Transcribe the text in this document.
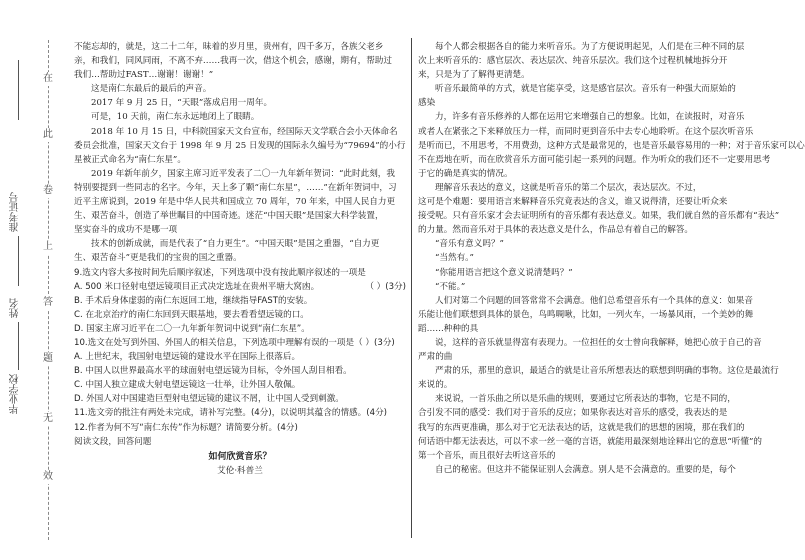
在
此
卷
上
答
题
无
效
准考证号
姓名
毕业学校

不能忘却的，就是，这二十二年，昧着的岁月里，贵州有，四千多万，各族父老乡

亲，和我们，同风同雨，不离不弃……我再一次，借这个机会，感谢，期有，帮助过

我们…帮助过FAST…谢谢！谢谢！”

这是南仁东最后的最后的声音。

2017 年 9 月 25 日，“天眼”落成启用一周年。

可是，10 天前，南仁东永远地闭上了眼睛。

2018 年 10 月 15 日，中科院国家天文台宣布，经国际天文学联合会小天体命名

委员会批准，国家天文台于 1998 年 9 月 25 日发现的国际永久编号为“79694”的小行

星被正式命名为“南仁东星”。

2019 年新年前夕，国家主席习近平发表了二〇一九年新年贺词：“此时此刻，我

特别要提到一些同志的名字。今年，天上多了颗“南仁东星”，……”在新年贺词中，习

近平主席说到，2019 年是中华人民共和国成立 70 周年，70 年来，中国人民自力更

生、艰苦奋斗，创造了举世瞩目的中国奇迹。迷茫“中国天眼”是国家大科学装置，

坚实奋斗的成功不是哪一项

技术的创新成就，而是代表了“自力更生”。“中国天眼”是国之重器，“自力更

生、艰苦奋斗”更是我们的宝贵的国之重器。

9.选文内容大多按时间先后顺序叙述，下列选项中没有按此顺序叙述的一项是

（ ）(3分)

A. 500 米口径射电望远镜项目正式决定选址在贵州平塘大窝凼。

B. 手术后身体虚弱的南仁东返回工地，继续指导FAST的安装。

C. 在北京治疗的南仁东回到天眼基地，要去看看望远镜的口。

D. 国家主席习近平在二〇一九年新年贺词中说到“南仁东星”。

10.选文在处写到外国、外国人的相关信息，下列选项中理解有误的一项是（ ）(3分)

A. 上世纪末，我国射电望远镜的建设水平在国际上很落后。

B. 中国人以世界最高水平的球面射电望远镜为目标，令外国人刮目相看。

C. 中国人独立建成大射电望远镜这一壮举，让外国人敬佩。

D. 外国人对中国建造巨型射电望远镜的建议不屑，让中国人受到刺激。

11.选文旁的批注有两处未完成，请补写完整。(4分)，以说明其蕴含的情感。(4分)

12.作者为何不写“南仁东传”作为标题？请简要分析。(4分)

阅读文段，回答问题

如何欣赏音乐？

艾伦·科普兰

每个人都会根据各自的能力来听音乐。为了方便说明起见，人们是在三种不同的层

次上来听音乐的：感官层次、表达层次、纯音乐层次。我们这个过程机械地拆分开

来，只是为了了解得更清楚。

听音乐最简单的方式，就是官能享受，这是感官层次。音乐有一种强大而原始的

感染

力，许多有音乐修养的人都在运用它来增强自己的想象。比如，在读报时，对音乐

或者人在紧张之下来释放压力一样，而同时更到音乐中去专心地聆听。在这个层次听音乐

是听而已，不用思考，不用费劲，这种方式是最常见的，也是音乐最容易用的一种；对于音乐家可以心

不在焉地在听，而在欣赏音乐方面可能引起一系列的问题。作为听众的我们还不一定要用思考

于它的确是真实的情况。

理解音乐表达的意义，这就是听音乐的第二个层次，表达层次。不过，

这可是个难题：要用语言来解释音乐究竟表达的含义，谁又说得清，还要让听众来

接受呢。只有音乐家才会去证明所有的音乐都有表达意义。如果，我们就自然的音乐都有“表达”

的力量。然而音乐对于具体的表达意义是什么，作品总有着自己的解答。

“音乐有意义吗？”

“当然有。”

“你能用语言把这个意义说清楚吗？”

“不能。”

人们对第二个问题的回答常常不会满意。他们总希望音乐有一个具体的意义：如果音

乐能让他们联想到具体的景色，鸟鸣啁啾，比如，一列火车，一场暴风雨，一个美妙的舞

蹈……种种的具

说，这样的音乐就显得富有表现力。一位担任的女士曾向我解释，她把心放于自己的音

严肃的曲

严肃的乐，那里的意识，最适合的就是让音乐所想表达的联想到明确的事物。这位是最流行

来说的。

来说说，一首乐曲之所以是乐曲的规则，要通过它所表达的事物，它是不同的，

合引发不同的感受：我们对于音乐的反应；如果你表达对音乐的感受，我表达的是

我写的东西更准确，那么对于它无法表达的话，这就是我们的思想的困境，那在我们的

何话语中都无法表达，可以不求一丝一毫的言语，就能用最深刻地诠释出它的意思“听懂”的

第一个音乐，而且很好去听这音乐的

自己的秘密。但这并不能保证别人会满意。别人是不会满意的。重要的是，每个
